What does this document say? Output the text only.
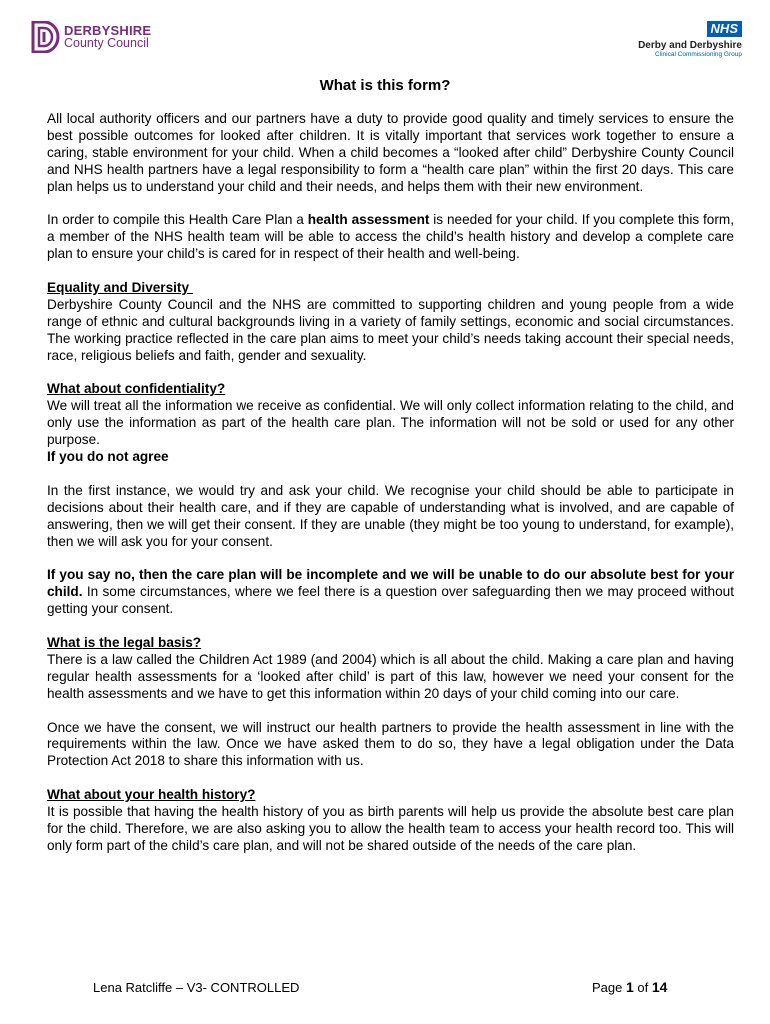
DERBYSHIRE
County Council
NHS
Derby and Derbyshire
Clinical Commissioning Group
What is this form?

All local authority officers and our partners have a duty to provide good quality and timely services to ensure the best possible outcomes for looked after children. It is vitally important that services work together to ensure a caring, stable environment for your child. When a child becomes a “looked after child” Derbyshire County Council and NHS health partners have a legal responsibility to form a “health care plan” within the first 20 days. This care plan helps us to understand your child and their needs, and helps them with their new environment.

In order to compile this Health Care Plan a health assessment is needed for your child. If you complete this form, a member of the NHS health team will be able to access the child’s health history and develop a complete care plan to ensure your child’s is cared for in respect of their health and well-being.

Equality and Diversity

Derbyshire County Council and the NHS are committed to supporting children and young people from a wide range of ethnic and cultural backgrounds living in a variety of family settings, economic and social circumstances. The working practice reflected in the care plan aims to meet your child’s needs taking account their special needs, race, religious beliefs and faith, gender and sexuality.

What about confidentiality?

We will treat all the information we receive as confidential. We will only collect information relating to the child, and only use the information as part of the health care plan. The information will not be sold or used for any other purpose.

If you do not agree

In the first instance, we would try and ask your child. We recognise your child should be able to participate in decisions about their health care, and if they are capable of understanding what is involved, and are capable of answering, then we will get their consent. If they are unable (they might be too young to understand, for example), then we will ask you for your consent.

If you say no, then the care plan will be incomplete and we will be unable to do our absolute best for your child. In some circumstances, where we feel there is a question over safeguarding then we may proceed without getting your consent.

What is the legal basis?

There is a law called the Children Act 1989 (and 2004) which is all about the child. Making a care plan and having regular health assessments for a ‘looked after child’ is part of this law, however we need your consent for the health assessments and we have to get this information within 20 days of your child coming into our care.

Once we have the consent, we will instruct our health partners to provide the health assessment in line with the requirements within the law. Once we have asked them to do so, they have a legal obligation under the Data Protection Act 2018 to share this information with us.

What about your health history?

It is possible that having the health history of you as birth parents will help us provide the absolute best care plan for the child. Therefore, we are also asking you to allow the health team to access your health record too. This will only form part of the child’s care plan, and will not be shared outside of the needs of the care plan.

Lena Ratcliffe – V3- CONTROLLED	Page 1 of 14
